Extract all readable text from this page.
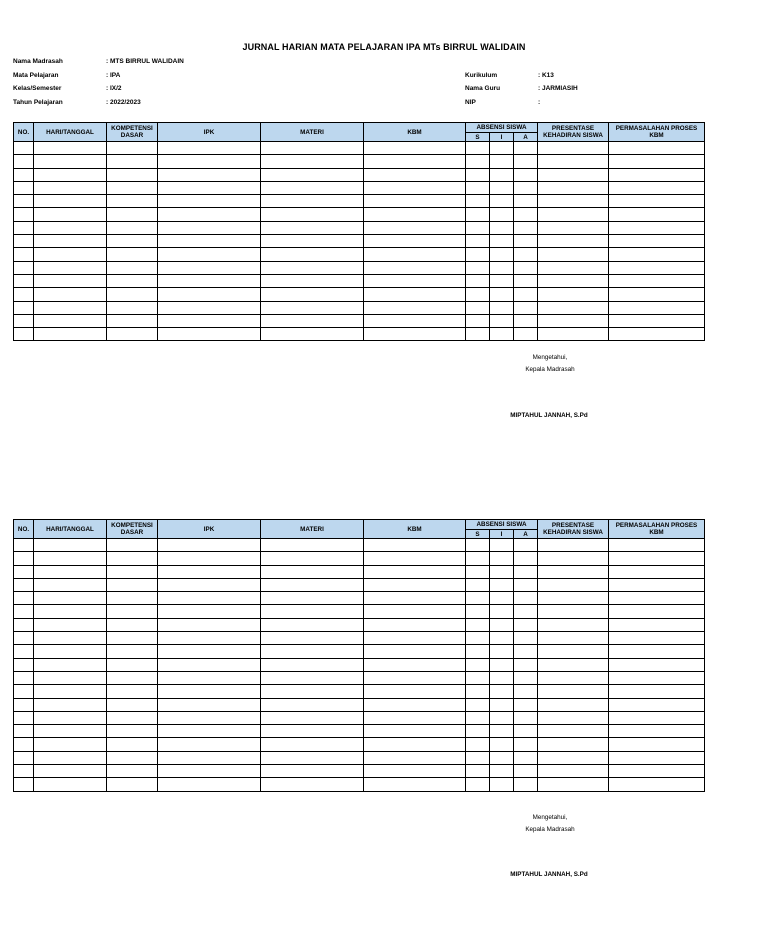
JURNAL HARIAN MATA PELAJARAN IPA MTs BIRRUL WALIDAIN
Nama Madrasah	: MTS BIRRUL WALIDAIN
Mata Pelajaran	: IPA
Kelas/Semester	: IX/2
Tahun Pelajaran	: 2022/2023
Kurikulum	: K13
Nama Guru	: JARMIASIH
NIP	:
NO.	HARI/TANGGAL	KOMPETENSI DASAR	IPK	MATERI	KBM	ABSENSI SISWA			PRESENTASE KEHADIRAN SISWA	PERMASALAHAN PROSES KBM
						S	I	A		

Mengetahui,
Kepala Madrasah
MIPTAHUL JANNAH, S.Pd
NO.	HARI/TANGGAL	KOMPETENSI DASAR	IPK	MATERI	KBM	ABSENSI SISWA			PRESENTASE KEHADIRAN SISWA	PERMASALAHAN PROSES KBM
						S	I	A		

Mengetahui,
Kepala Madrasah
MIPTAHUL JANNAH, S.Pd
